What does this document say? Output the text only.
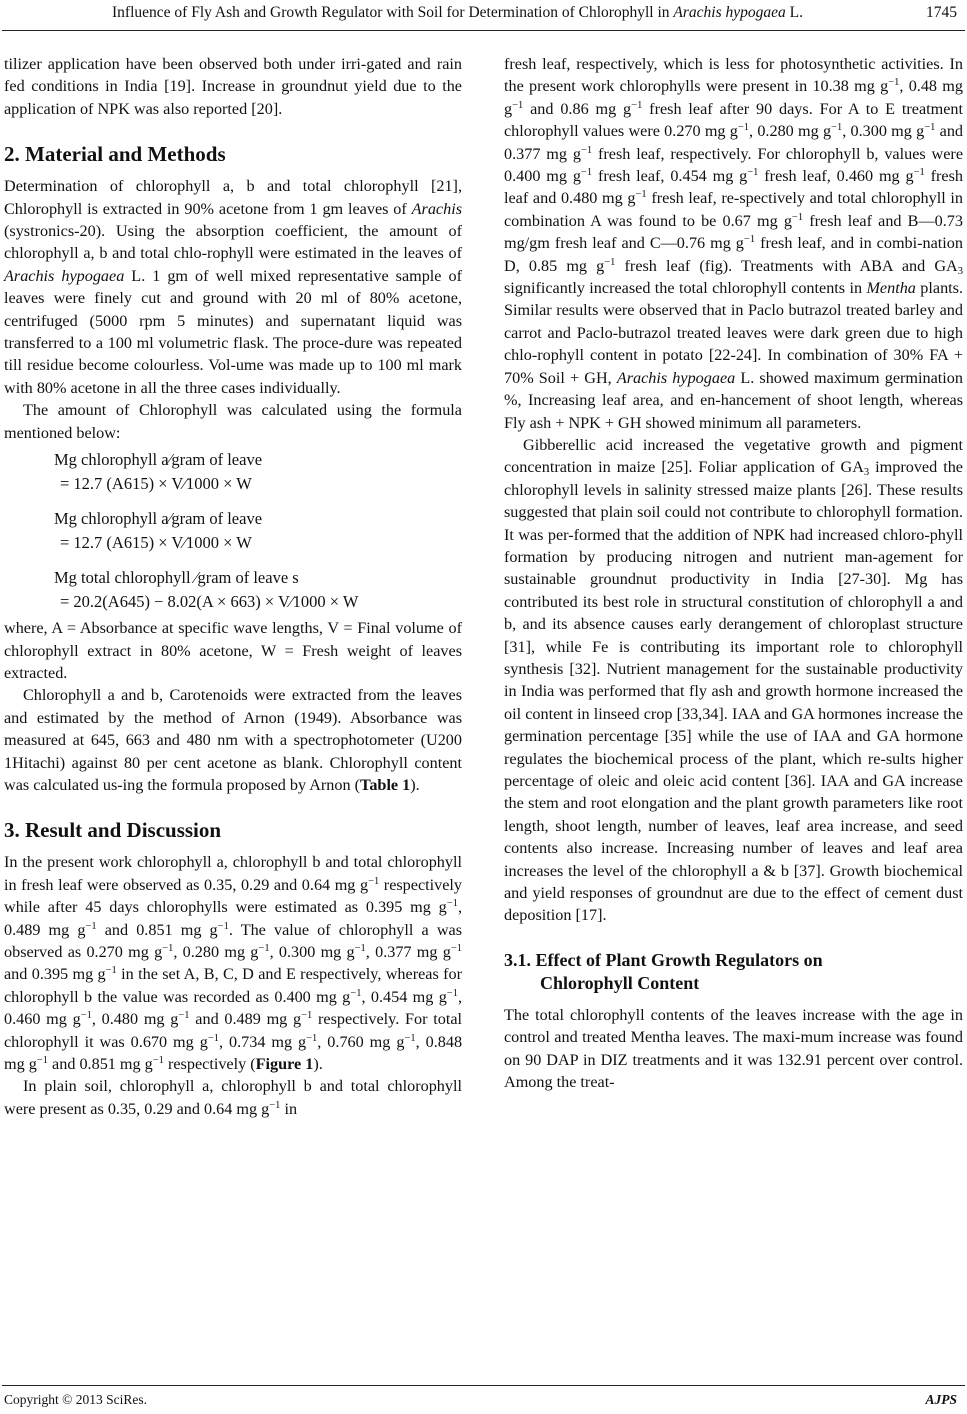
Influence of Fly Ash and Growth Regulator with Soil for Determination of Chlorophyll in Arachis hypogaea L.	1745

tilizer application have been observed both under irri-gated and rain fed conditions in India [19]. Increase in groundnut yield due to the application of NPK was also reported [20].

2. Material and Methods

Determination of chlorophyll a, b and total chlorophyll [21], Chlorophyll is extracted in 90% acetone from 1 gm leaves of Arachis (systronics-20). Using the absorption coefficient, the amount of chlorophyll a, b and total chlo-rophyll were estimated in the leaves of Arachis hypogaea L. 1 gm of well mixed representative sample of leaves were finely cut and ground with 20 ml of 80% acetone, centrifuged (5000 rpm 5 minutes) and supernatant liquid was transferred to a 100 ml volumetric flask. The proce-dure was repeated till residue become colourless. Vol-ume was made up to 100 ml mark with 80% acetone in all the three cases individually.

The amount of Chlorophyll was calculated using the formula mentioned below:

Mg chlorophyll a⁄gram of leave
= 12.7 (A615) × V⁄1000 × W
Mg chlorophyll a⁄gram of leave
= 12.7 (A615) × V⁄1000 × W
Mg total chlorophyll ⁄gram of leave s
= 20.2(A645) − 8.02(A × 663) × V⁄1000 × W

where, A = Absorbance at specific wave lengths, V = Final volume of chlorophyll extract in 80% acetone, W = Fresh weight of leaves extracted.

Chlorophyll a and b, Carotenoids were extracted from the leaves and estimated by the method of Arnon (1949). Absorbance was measured at 645, 663 and 480 nm with a spectrophotometer (U200 1Hitachi) against 80 per cent acetone as blank. Chlorophyll content was calculated us-ing the formula proposed by Arnon (Table 1).

3. Result and Discussion

In the present work chlorophyll a, chlorophyll b and total chlorophyll in fresh leaf were observed as 0.35, 0.29 and 0.64 mg $g^{-1}$ respectively while after 45 days chlorophylls were estimated as 0.395 mg $g^{-1}$, 0.489 mg $g^{-1}$ and 0.851 mg $g^{-1}$. The value of chlorophyll a was observed as 0.270 mg $g^{-1}$, 0.280 mg $g^{-1}$, 0.300 mg $g^{-1}$, 0.377 mg $g^{-1}$ and 0.395 mg $g^{-1}$ in the set A, B, C, D and E respectively, whereas for chlorophyll b the value was recorded as 0.400 mg $g^{-1}$, 0.454 mg $g^{-1}$, 0.460 mg $g^{-1}$, 0.480 mg $g^{-1}$ and 0.489 mg $g^{-1}$ respectively. For total chlorophyll it was 0.670 mg $g^{-1}$, 0.734 mg $g^{-1}$, 0.760 mg $g^{-1}$, 0.848 mg $g^{-1}$ and 0.851 mg $g^{-1}$ respectively (Figure 1).

In plain soil, chlorophyll a, chlorophyll b and total chlorophyll were present as 0.35, 0.29 and 0.64 mg $g^{-1}$ in

fresh leaf, respectively, which is less for photosynthetic activities. In the present work chlorophylls were present in 10.38 mg $g^{-1}$, 0.48 mg $g^{-1}$ and 0.86 mg $g^{-1}$ fresh leaf after 90 days. For A to E treatment chlorophyll values were 0.270 mg $g^{-1}$, 0.280 mg $g^{-1}$, 0.300 mg $g^{-1}$ and 0.377 mg $g^{-1}$ fresh leaf, respectively. For chlorophyll b, values were 0.400 mg $g^{-1}$ fresh leaf, 0.454 mg $g^{-1}$ fresh leaf, 0.460 mg $g^{-1}$ fresh leaf and 0.480 mg $g^{-1}$ fresh leaf, re-spectively and total chlorophyll in combination A was found to be 0.67 mg $g^{-1}$ fresh leaf and B—0.73 mg/gm fresh leaf and C—0.76 mg $g^{-1}$ fresh leaf, and in combi-nation D, 0.85 mg $g^{-1}$ fresh leaf (fig). Treatments with ABA and $GA_3$ significantly increased the total chlorophyll contents in Mentha plants. Similar results were observed that in Paclo butrazol treated barley and carrot and Paclo-butrazol treated leaves were dark green due to high chlo-rophyll content in potato [22-24]. In combination of 30% FA + 70% Soil + GH, Arachis hypogaea L. showed maximum germination %, Increasing leaf area, and en-hancement of shoot length, whereas Fly ash + NPK + GH showed minimum all parameters.

Gibberellic acid increased the vegetative growth and pigment concentration in maize [25]. Foliar application of $GA_3$ improved the chlorophyll levels in salinity stressed maize plants [26]. These results suggested that plain soil could not contribute to chlorophyll formation. It was per-formed that the addition of NPK had increased chloro-phyll formation by producing nitrogen and nutrient man-agement for sustainable groundnut productivity in India [27-30]. Mg has contributed its best role in structural constitution of chlorophyll a and b, and its absence causes early derangement of chloroplast structure [31], while Fe is contributing its important role to chlorophyll synthesis [32]. Nutrient management for the sustainable productivity in India was performed that fly ash and growth hormone increased the oil content in linseed crop [33,34]. IAA and GA hormones increase the germination percentage [35] while the use of IAA and GA hormone regulates the biochemical process of the plant, which re-sults higher percentage of oleic and oleic acid content [36]. IAA and GA increase the stem and root elongation and the plant growth parameters like root length, shoot length, number of leaves, leaf area increase, and seed contents also increase. Increasing number of leaves and leaf area increases the level of the chlorophyll a & b [37]. Growth biochemical and yield responses of groundnut are due to the effect of cement dust deposition [17].

3.1. Effect of Plant Growth Regulators on
Chlorophyll Content

The total chlorophyll contents of the leaves increase with the age in control and treated Mentha leaves. The maxi-mum increase was found on 90 DAP in DIZ treatments and it was 132.91 percent over control. Among the treat-

Copyright © 2013 SciRes.	AJPS
